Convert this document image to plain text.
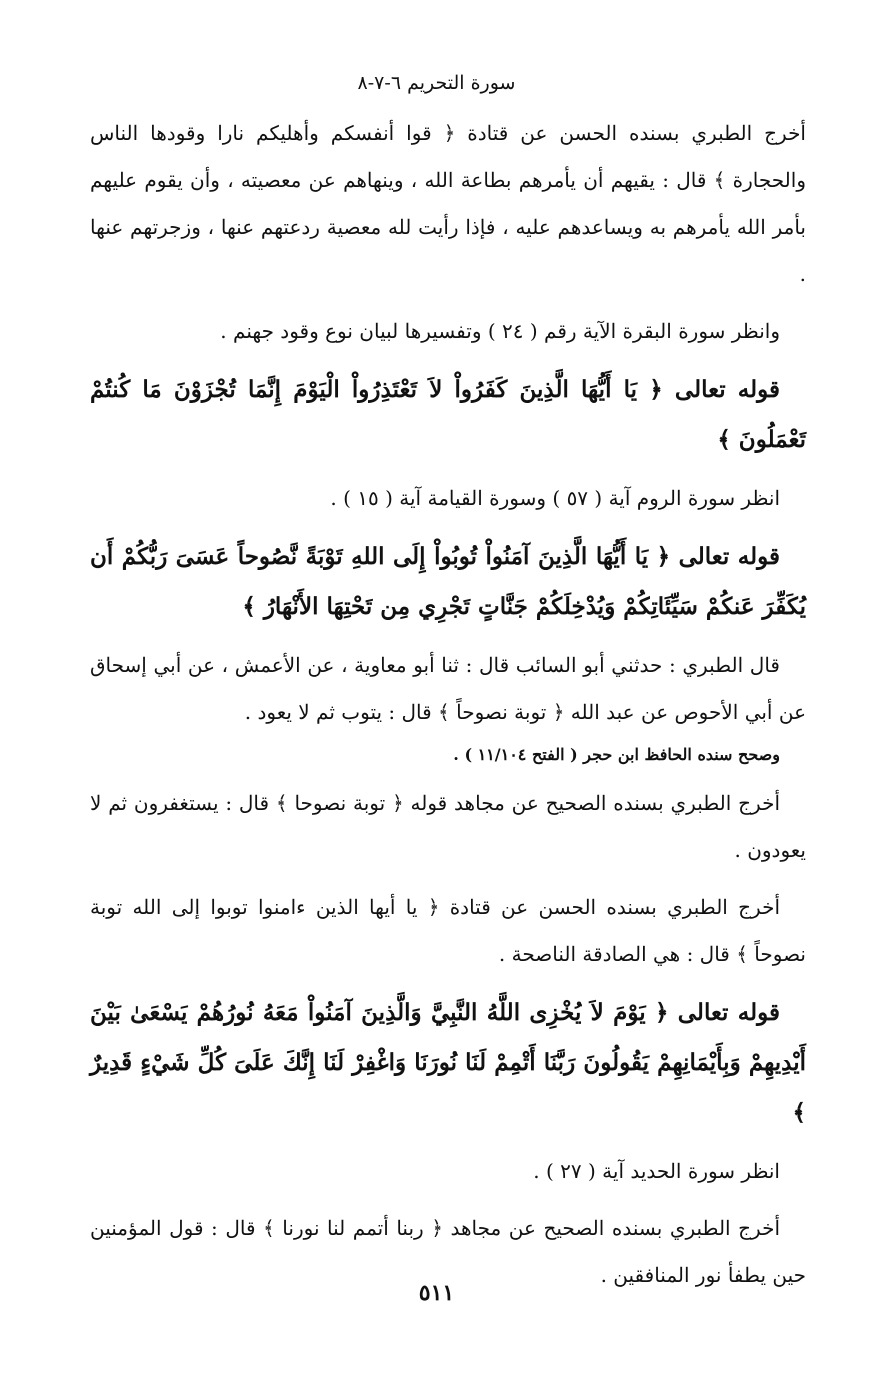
سورة التحريم ٦-٧-٨

أخرج الطبري بسنده الحسن عن قتادة ﴿ قوا أنفسكم وأهليكم نارا وقودها الناس والحجارة ﴾ قال : يقيهم أن يأمرهم بطاعة الله ، وينهاهم عن معصيته ، وأن يقوم عليهم بأمر الله يأمرهم به ويساعدهم عليه ، فإذا رأيت لله معصية ردعتهم عنها ، وزجرتهم عنها .

وانظر سورة البقرة الآية رقم ( ٢٤ ) وتفسيرها لبيان نوع وقود جهنم .

قوله تعالى ﴿ يَا أَيُّهَا الَّذِينَ كَفَرُواْ لاَ تَعْتَذِرُواْ الْيَوْمَ إِنَّمَا تُجْزَوْنَ مَا كُنتُمْ تَعْمَلُونَ ﴾

انظر سورة الروم آية ( ٥٧ ) وسورة القيامة آية ( ١٥ ) .

قوله تعالى ﴿ يَا أَيُّهَا الَّذِينَ آمَنُواْ تُوبُواْ إِلَى اللهِ تَوْبَةً نَّصُوحاً عَسَىَ رَبُّكُمْ أَن يُكَفِّرَ عَنكُمْ سَيِّئَاتِكُمْ وَيُدْخِلَكُمْ جَنَّاتٍ تَجْرِي مِن تَحْتِهَا الأَنْهَارُ ﴾

قال الطبري : حدثني أبو السائب قال : ثنا أبو معاوية ، عن الأعمش ، عن أبي إسحاق عن أبي الأحوص عن عبد الله ﴿ توبة نصوحاً ﴾ قال : يتوب ثم لا يعود .

وصحح سنده الحافظ ابن حجر ( الفتح ١١/١٠٤ ) .

أخرج الطبري بسنده الصحيح عن مجاهد قوله ﴿ توبة نصوحا ﴾ قال : يستغفرون ثم لا يعودون .

أخرج الطبري بسنده الحسن عن قتادة ﴿ يا أيها الذين ءامنوا توبوا إلى الله توبة نصوحاً ﴾ قال : هي الصادقة الناصحة .

قوله تعالى ﴿ يَوْمَ لاَ يُخْزِى اللَّهُ النَّبِيَّ وَالَّذِينَ آمَنُواْ مَعَهُ نُورُهُمْ يَسْعَىٰ بَيْنَ أَيْدِيهِمْ وَبِأَيْمَانِهِمْ يَقُولُونَ رَبَّنَا أَتْمِمْ لَنَا نُورَنَا وَاغْفِرْ لَنَا إِنَّكَ عَلَىَ كُلِّ شَيْءٍ قَدِيرٌ ﴾

انظر سورة الحديد آية ( ٢٧ ) .

أخرج الطبري بسنده الصحيح عن مجاهد ﴿ ربنا أتمم لنا نورنا ﴾ قال : قول المؤمنين حين يطفأ نور المنافقين .

٥١١
